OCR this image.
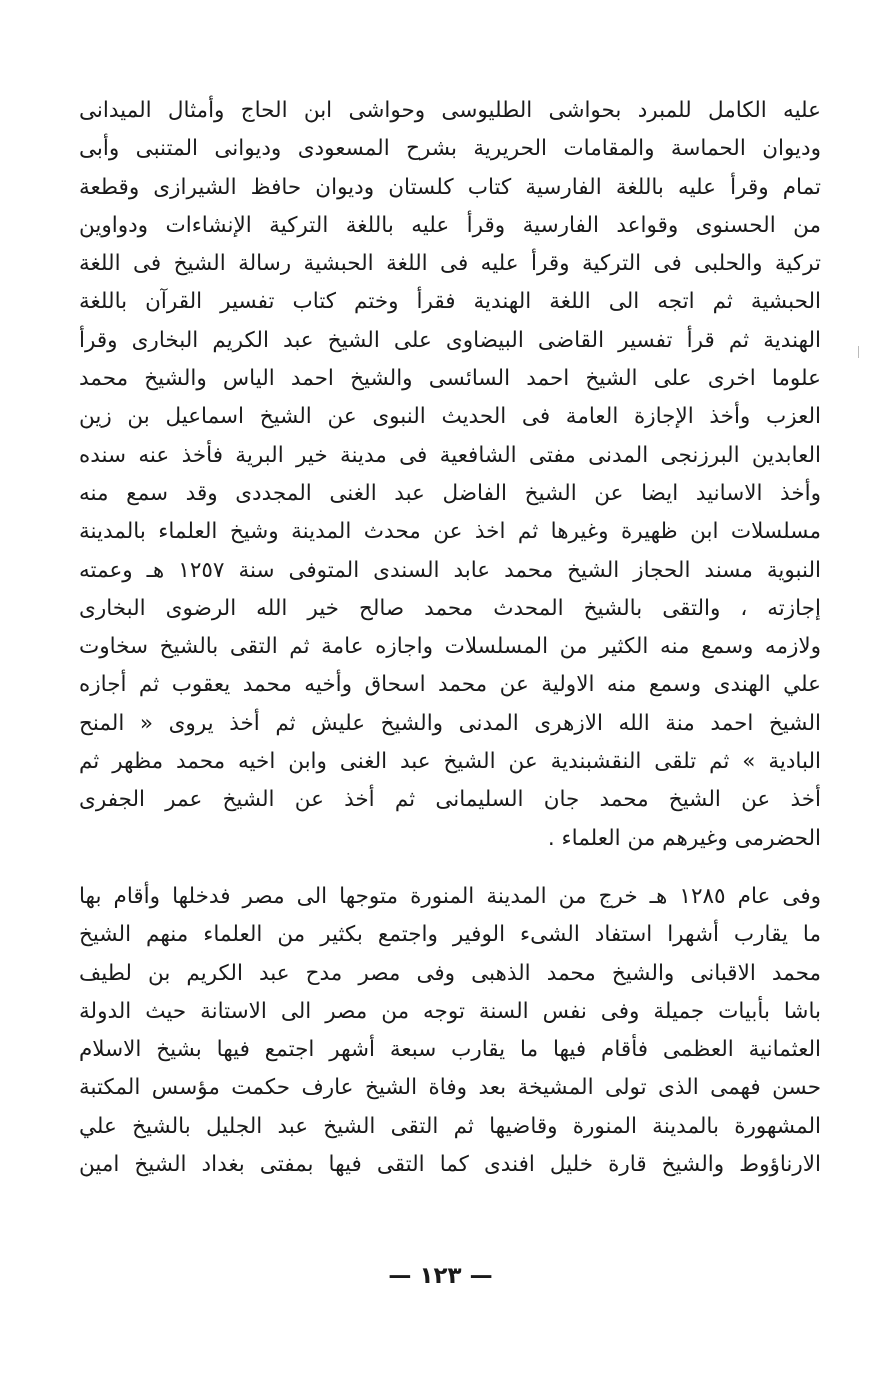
عليه الكامل للمبرد بحواشى الطليوسى وحواشى ابن الحاج وأمثال الميدانى
وديوان الحماسة والمقامات الحريرية بشرح المسعودى وديوانى المتنبى وأبى
تمام وقرأ عليه باللغة الفارسية كتاب كلستان وديوان حافظ الشيرازى وقطعة
من الحسنوى وقواعد الفارسية وقرأ عليه باللغة التركية الإنشاءات ودواوين
تركية والحلبى فى التركية وقرأ عليه فى اللغة الحبشية رسالة الشيخ فى اللغة
الحبشية ثم اتجه الى اللغة الهندية فقرأ وختم كتاب تفسير القرآن باللغة
الهندية ثم قرأ تفسير القاضى البيضاوى على الشيخ عبد الكريم البخارى وقرأ
علوما اخرى على الشيخ احمد السائسى والشيخ احمد الياس والشيخ محمد
العزب وأخذ الإجازة العامة فى الحديث النبوى عن الشيخ اسماعيل بن زين
العابدين البرزنجى المدنى مفتى الشافعية فى مدينة خير البرية فأخذ عنه سنده
وأخذ الاسانيد ايضا عن الشيخ الفاضل عبد الغنى المجددى وقد سمع منه
مسلسلات ابن ظهيرة وغيرها ثم اخذ عن محدث المدينة وشيخ العلماء بالمدينة
النبوية مسند الحجاز الشيخ محمد عابد السندى المتوفى سنة ١٢٥٧ هـ وعمته
إجازته ، والتقى بالشيخ المحدث محمد صالح خير الله الرضوى البخارى
ولازمه وسمع منه الكثير من المسلسلات واجازه عامة ثم التقى بالشيخ سخاوت
علي الهندى وسمع منه الاولية عن محمد اسحاق وأخيه محمد يعقوب ثم أجازه
الشيخ احمد منة الله الازهرى المدنى والشيخ عليش ثم أخذ يروى « المنح
البادية » ثم تلقى النقشبندية عن الشيخ عبد الغنى وابن اخيه محمد مظهر ثم
أخذ عن الشيخ محمد جان السليمانى ثم أخذ عن الشيخ عمر الجفرى
الحضرمى وغيرهم من العلماء .
وفى عام ١٢٨٥ هـ خرج من المدينة المنورة متوجها الى مصر فدخلها وأقام بها
ما يقارب أشهرا استفاد الشىء الوفير واجتمع بكثير من العلماء منهم الشيخ
محمد الاقبانى والشيخ محمد الذهبى وفى مصر مدح عبد الكريم بن لطيف
باشا بأبيات جميلة وفى نفس السنة توجه من مصر الى الاستانة حيث الدولة
العثمانية العظمى فأقام فيها ما يقارب سبعة أشهر اجتمع فيها بشيخ الاسلام
حسن فهمى الذى تولى المشيخة بعد وفاة الشيخ عارف حكمت مؤسس المكتبة
المشهورة بالمدينة المنورة وقاضيها ثم التقى الشيخ عبد الجليل بالشيخ علي
الارناؤوط والشيخ قارة خليل افندى كما التقى فيها بمفتى بغداد الشيخ امين
— ١٢٣ —
